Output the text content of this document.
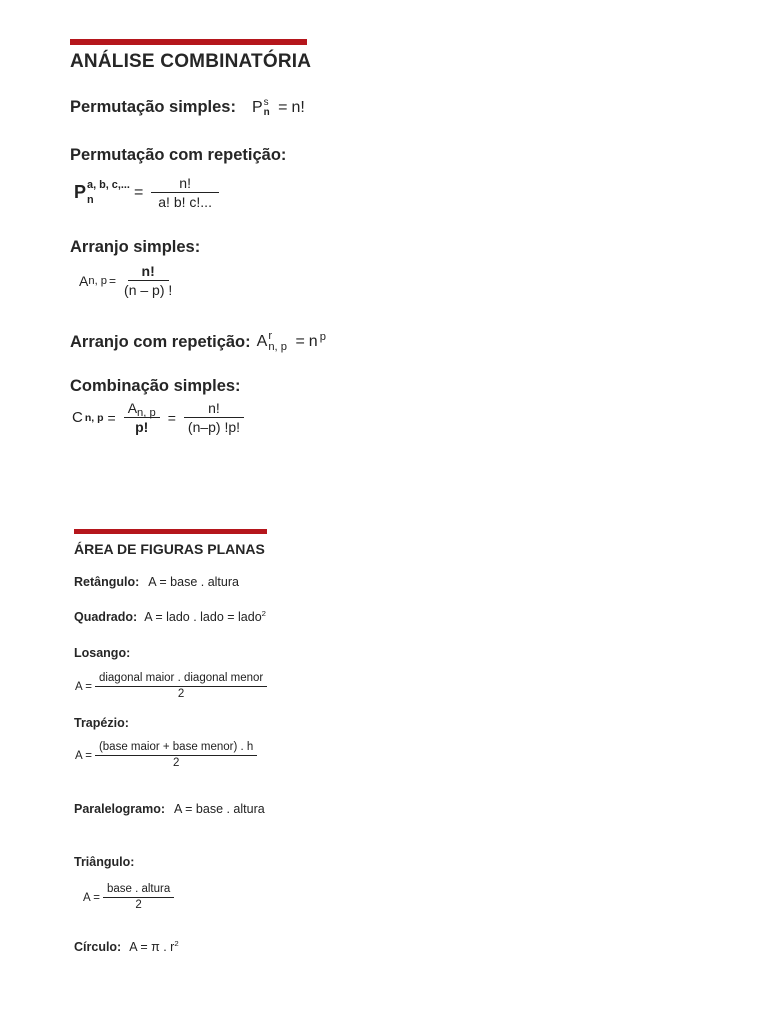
ANÁLISE COMBINATÓRIA
Permutação simples: P s
n = n!
Permutação com repetição:
P a, b, c,...
n	= $\frac{n!}{a! b! c!...}$
Arranjo simples:
A n, $p = \frac{n!}{(n - p) !}$
Arranjo com repetição: A r
n, p = n $^p$
Combinação simples:
C n, $p = \frac{A_{n, p}}{p!} = \frac{n!}{(n-p) !p!}$
ÁREA DE FIGURAS PLANAS
Retângulo: A = base . altura
Quadrado: A = lado . lado = lado$^2$
Losango:
$A = \frac{\text{diagonal maior . diagonal menor}}{2}$
Trapézio:
$A = \frac{\text{(base maior + base menor) . h}}{2}$
Paralelogramo: A = base . altura
Triângulo:
$A = \frac{\text{base . altura}}{2}$
Círculo: A = π . $r^2$
